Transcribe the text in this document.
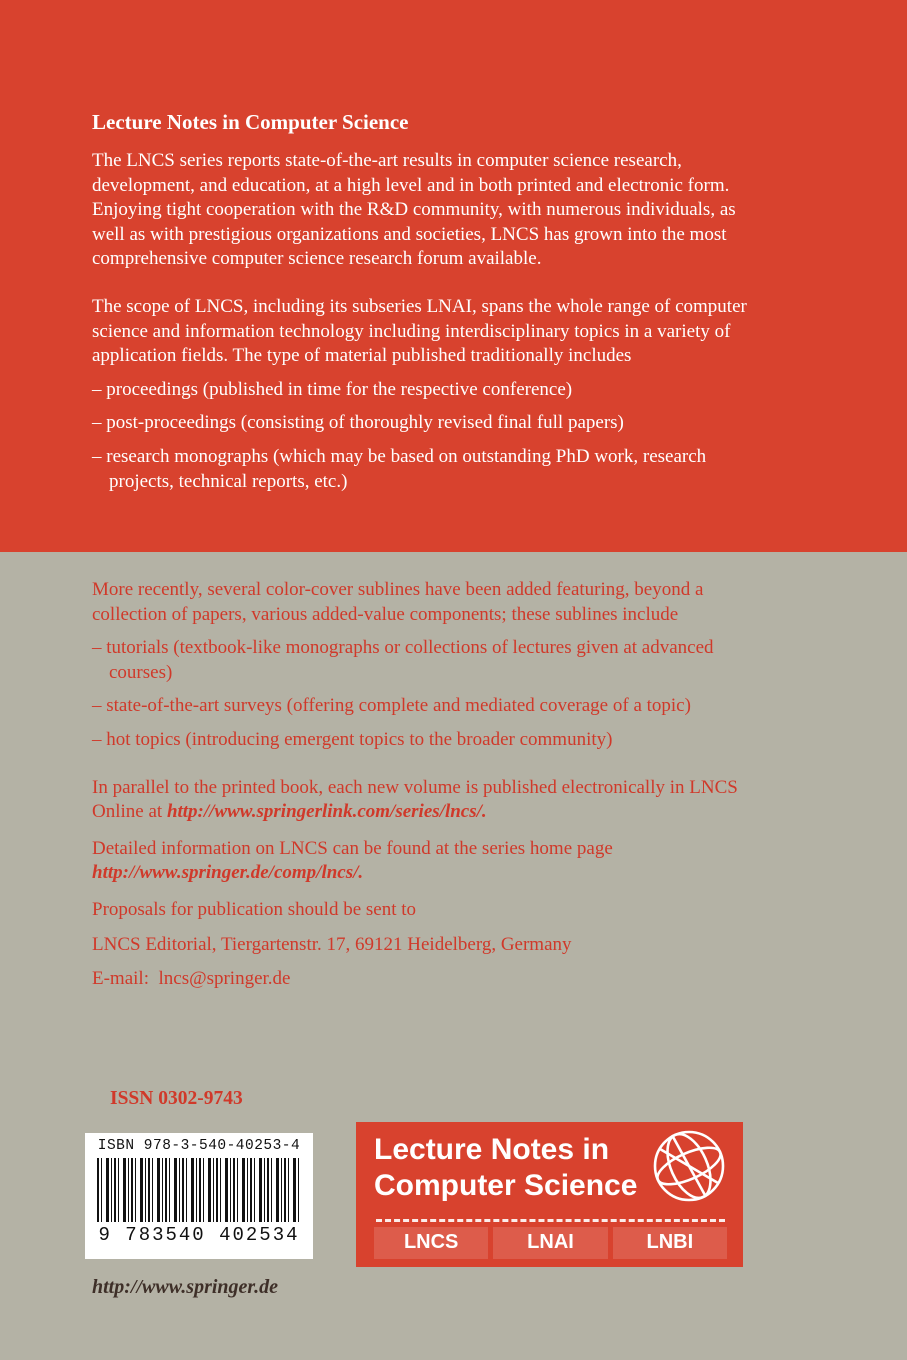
Lecture Notes in Computer Science

The LNCS series reports state-of-the-art results in computer science research, development, and education, at a high level and in both printed and electronic form. Enjoying tight cooperation with the R&D community, with numerous individuals, as well as with prestigious organizations and societies, LNCS has grown into the most comprehensive computer science research forum available.

The scope of LNCS, including its subseries LNAI, spans the whole range of computer science and information technology including interdisciplinary topics in a variety of application fields. The type of material published traditionally includes

– proceedings (published in time for the respective conference)

– post-proceedings (consisting of thoroughly revised final full papers)

– research monographs (which may be based on outstanding PhD work, research projects, technical reports, etc.)

More recently, several color-cover sublines have been added featuring, beyond a collection of papers, various added-value components; these sublines include

– tutorials (textbook-like monographs or collections of lectures given at advanced courses)

– state-of-the-art surveys (offering complete and mediated coverage of a topic)

– hot topics (introducing emergent topics to the broader community)

In parallel to the printed book, each new volume is published electronically in LNCS Online at http://www.springerlink.com/series/lncs/.

Detailed information on LNCS can be found at the series home page
http://www.springer.de/comp/lncs/.

Proposals for publication should be sent to

LNCS Editorial, Tiergartenstr. 17, 69121 Heidelberg, Germany

E-mail:  lncs@springer.de

ISSN 0302-9743

ISBN 978-3-540-40253-4
9 783540 402534
Lecture Notes in
Computer Science
LNCS	LNAI	LNBI

http://www.springer.de
